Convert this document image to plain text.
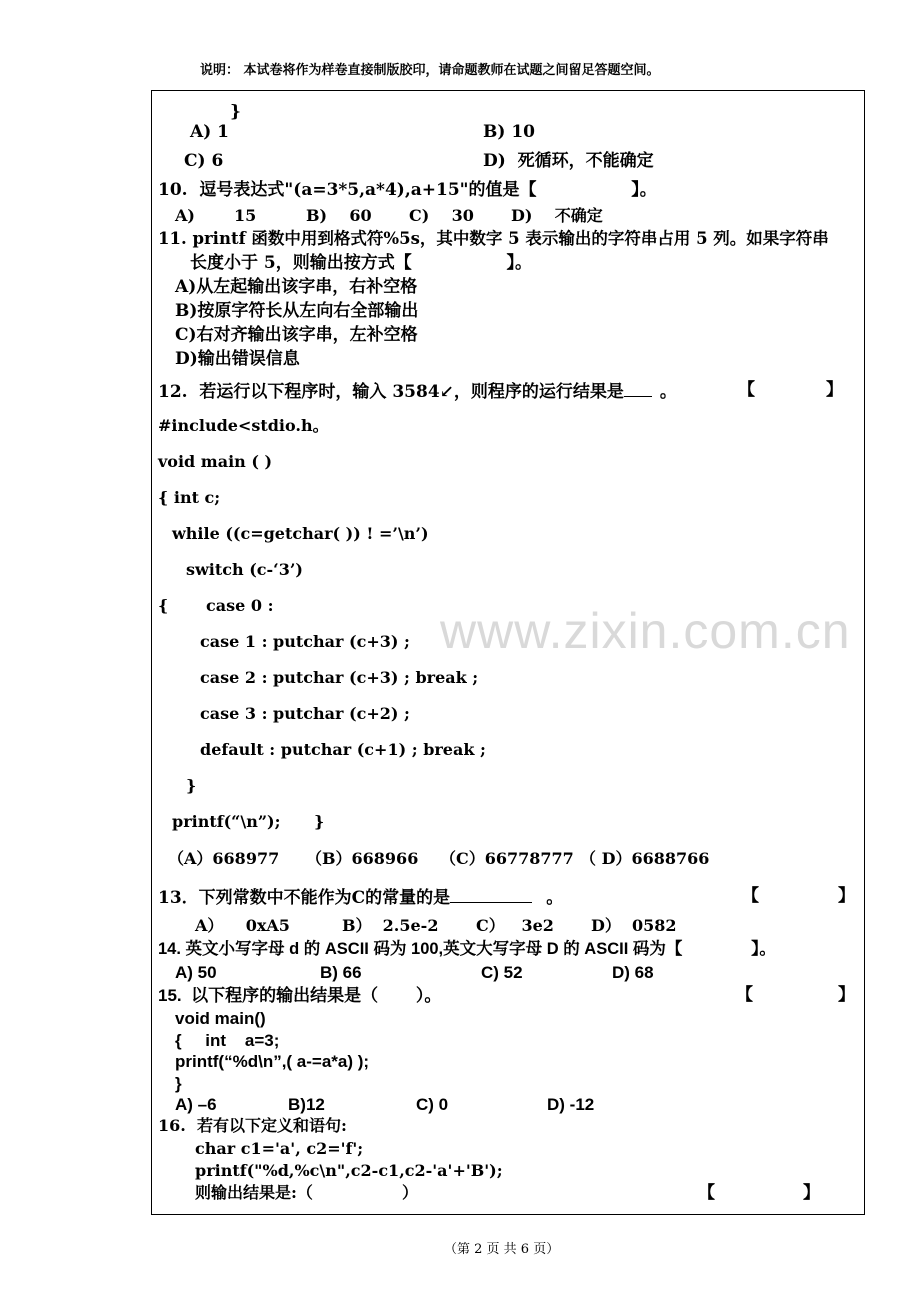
www.zixin.com.cn
说明： 本试卷将作为样卷直接制版胶印，请命题教师在试题之间留足答题空间。
}
A) 1	B) 10
C) 6	D)  死循环，不能确定
10.  逗号表达式"(a=3*5,a*4),a+15"的值是【                】。
A)       15	B)    60 C)    30 D)    不确定
11. printf 函数中用到格式符%5s，其中数字 5 表示输出的字符串占用 5 列。如果字符串
长度小于 5，则输出按方式【                】。
A)从左起输出该字串，右补空格
B)按原字符长从左向右全部输出
C)右对齐输出该字串，左补空格
D)输出错误信息
12.  若运行以下程序时，输入 3584↙，则程序的运行结果是 。	【	】
#include<stdio.h。
void main ( )
{ int c;
while ((c=getchar( )) ! =’\n’)
switch (c-‘3’)
{ case 0 :
case 1 : putchar (c+3) ;
case 2 : putchar (c+3) ; break ;
case 3 : putchar (c+2) ;
default : putchar (c+1) ; break ;
}
printf(“\n”);      }
（A）668977 （B）668966 （C）66778777 （ D）6688766
13．下列常数中不能作为C的常量的是	。	【	】
A）    0xA5	B）  2.5e-2 C）   3e2 D）  0582
14. 英文小写字母 d 的 ASCII 码为 100,英文大写字母 D 的 ASCII 码为【               】。
A) 50	B) 66	C) 52	D) 68
15.  以下程序的输出结果是（        ）。	【	】
void main()
{     int    a=3;
printf(“%d\n”,( a-=a*a) );
}
A) –6	B)12	C) 0	D) -12
16.  若有以下定义和语句:
char c1='a', c2='f';
printf("%d,%c\n",c2-c1,c2-'a'+'B');
则输出结果是:（                ）	【	】
（第 2 页 共 6 页）
